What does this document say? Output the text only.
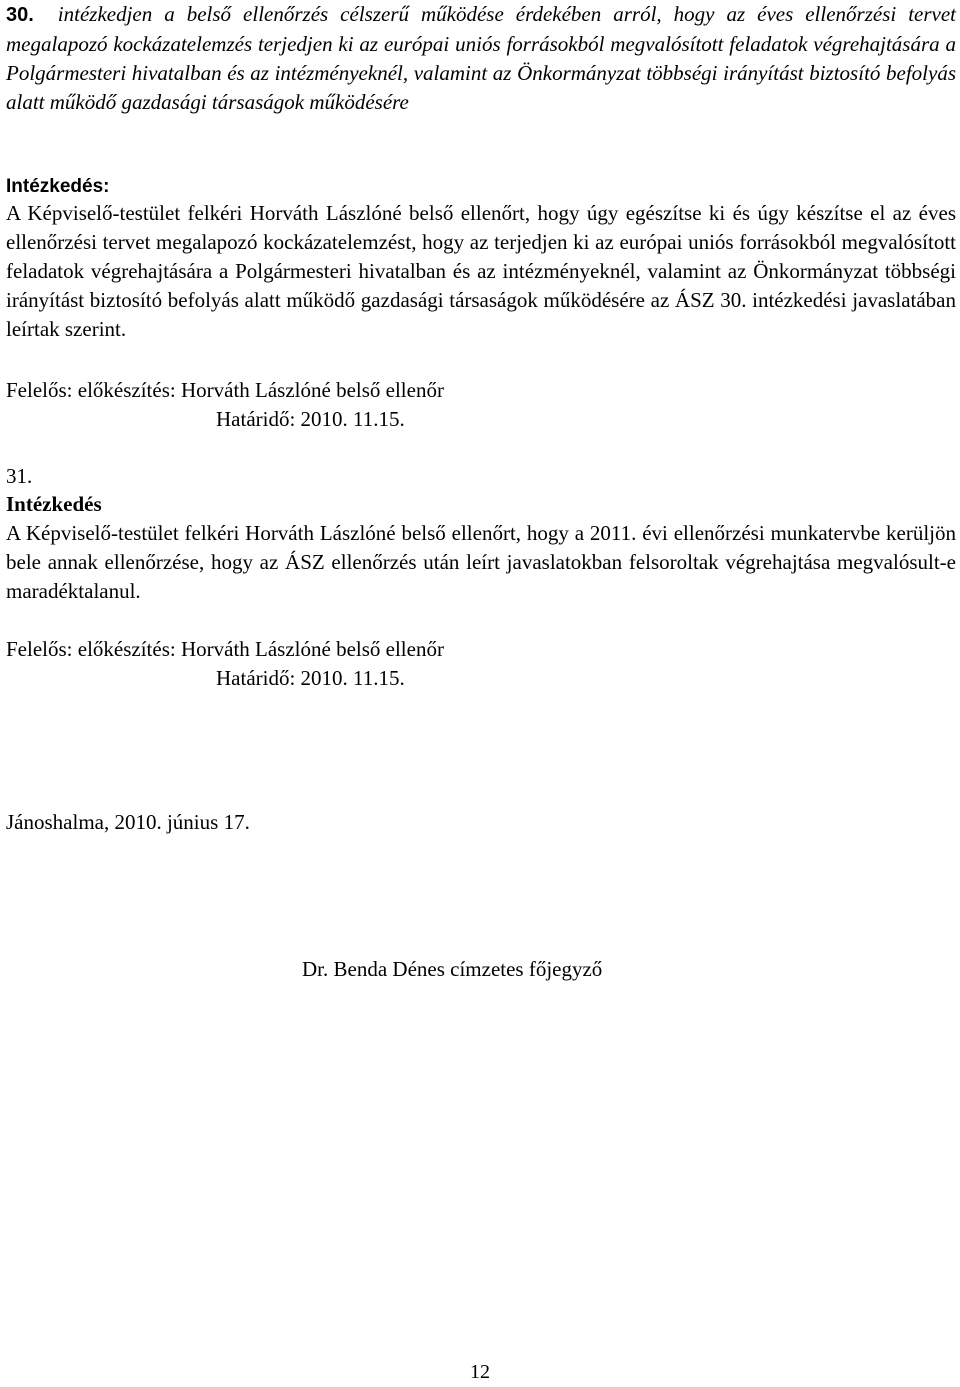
30. intézkedjen a belső ellenőrzés célszerű működése érdekében arról, hogy az éves ellenőrzési tervet megalapozó kockázatelemzés terjedjen ki az európai uniós forrásokból megvalósított feladatok végrehajtására a Polgármesteri hivatalban és az intézményeknél, valamint az Önkormányzat többségi irányítást biztosító befolyás alatt működő gazdasági társaságok működésére
Intézkedés:
A Képviselő-testület felkéri Horváth Lászlóné belső ellenőrt, hogy úgy egészítse ki és úgy készítse el az éves ellenőrzési tervet megalapozó kockázatelemzést, hogy az terjedjen ki az európai uniós forrásokból megvalósított feladatok végrehajtására a Polgármesteri hivatalban és az intézményeknél, valamint az Önkormányzat többségi irányítást biztosító befolyás alatt működő gazdasági társaságok működésére az ÁSZ 30. intézkedési javaslatában leírtak szerint.
Felelős: előkészítés: Horváth Lászlóné belső ellenőr
Határidő: 2010. 11.15.
31.
Intézkedés
A Képviselő-testület felkéri Horváth Lászlóné belső ellenőrt, hogy a 2011. évi ellenőrzési munkatervbe kerüljön bele annak ellenőrzése, hogy az ÁSZ ellenőrzés után leírt javaslatokban felsoroltak végrehajtása megvalósult-e maradéktalanul.
Felelős: előkészítés: Horváth Lászlóné belső ellenőr
Határidő: 2010. 11.15.
Jánoshalma, 2010. június 17.
Dr. Benda Dénes címzetes főjegyző
12
